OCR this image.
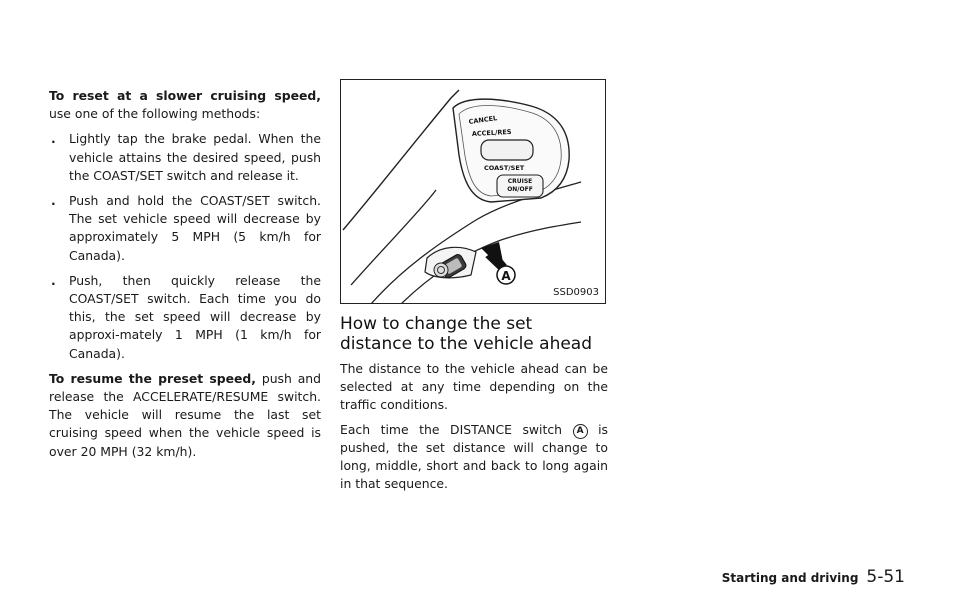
To reset at a slower cruising speed, use one of the following methods:

. Lightly tap the brake pedal. When the vehicle attains the desired speed, push the COAST/SET switch and release it.
. Push and hold the COAST/SET switch. The set vehicle speed will decrease by approximately 5 MPH (5 km/h for Canada).
. Push, then quickly release the COAST/SET switch. Each time you do this, the set speed will decrease by approxi-mately 1 MPH (1 km/h for Canada).

To resume the preset speed, push and release the ACCELERATE/RESUME switch. The vehicle will resume the last set cruising speed when the vehicle speed is over 20 MPH (32 km/h).

A
CANCEL
ACCEL/RES
COAST/SET
CRUISE
ON/OFF
SSD0903
How to change the set distance to the vehicle ahead

The distance to the vehicle ahead can be selected at any time depending on the traffic conditions.

Each time the DISTANCE switch A is pushed, the set distance will change to long, middle, short and back to long again in that sequence.

Starting and driving 5-51
